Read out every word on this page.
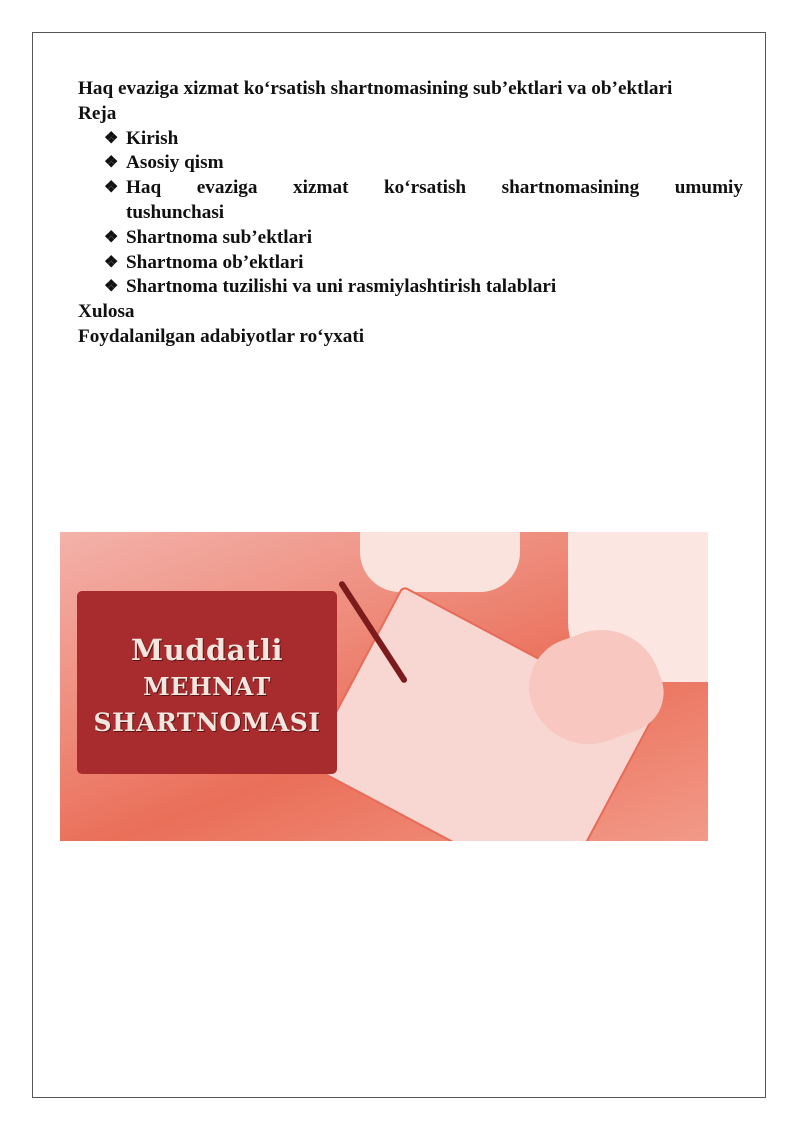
Haq evaziga xizmat ko‘rsatish shartnomasining sub’ektlari va ob’ektlari
Reja
❖ Kirish
❖ Asosiy qism
❖ Haq evaziga xizmat ko‘rsatish shartnomasining umumiy
tushunchasi
❖ Shartnoma sub’ektlari
❖ Shartnoma ob’ektlari
❖ Shartnoma tuzilishi va uni rasmiylashtirish talablari
Xulosa
Foydalanilgan adabiyotlar ro‘yxati
Muddatli
MEHNAT
SHARTNOMASI
